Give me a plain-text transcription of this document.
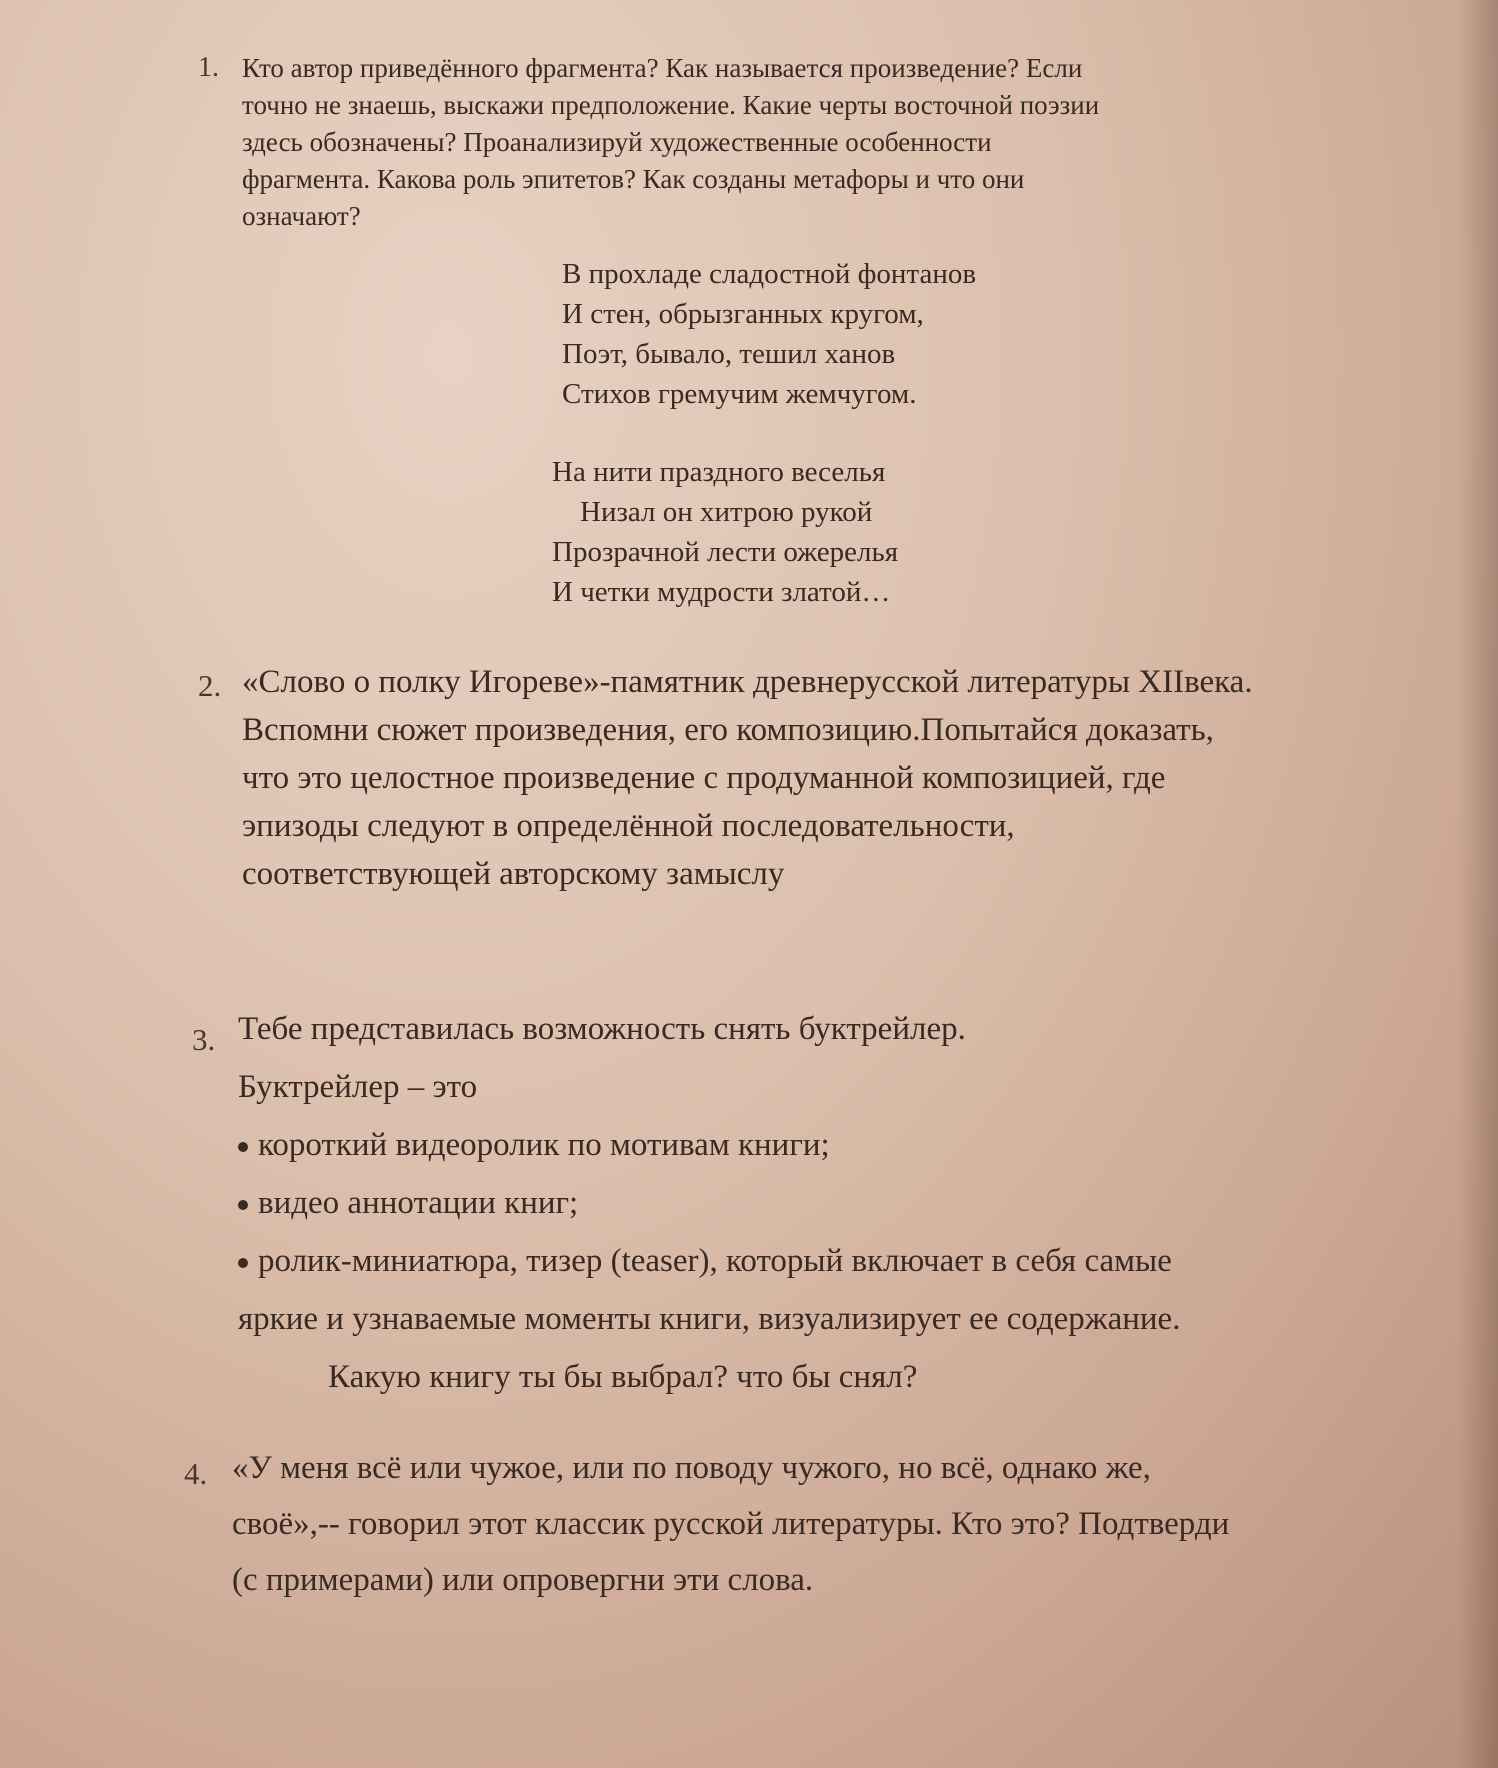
1. Кто автор приведённого фрагмента? Как называется произведение? Если
точно не знаешь, выскажи предположение. Какие черты восточной поэзии
здесь обозначены? Проанализируй художественные особенности
фрагмента. Какова роль эпитетов? Как созданы метафоры и что они
означают?
В прохладе сладостной фонтанов
И стен, обрызганных кругом,
Поэт, бывало, тешил ханов
Стихов гремучим жемчугом.
На нити праздного веселья
Низал он хитрою рукой
Прозрачной лести ожерелья
И четки мудрости златой…
2. «Слово о полку Игореве»-памятник древнерусской литературы XIIвека.
Вспомни сюжет произведения, его композицию.Попытайся доказать,
что это целостное произведение с продуманной композицией, где
эпизоды следуют в определённой последовательности,
соответствующей авторскому замыслу
3. Тебе представилась возможность снять буктрейлер.
Буктрейлер – это
короткий видеоролик по мотивам книги;
видео аннотации книг;
ролик-миниатюра, тизер (teaser), который включает в себя самые
яркие и узнаваемые моменты книги, визуализирует ее содержание.
Какую книгу ты бы выбрал? что бы снял?
4. «У меня всё или чужое, или по поводу чужого, но всё, однако же,
своё»,-- говорил этот классик русской литературы. Кто это? Подтверди
(с примерами) или опровергни эти слова.
